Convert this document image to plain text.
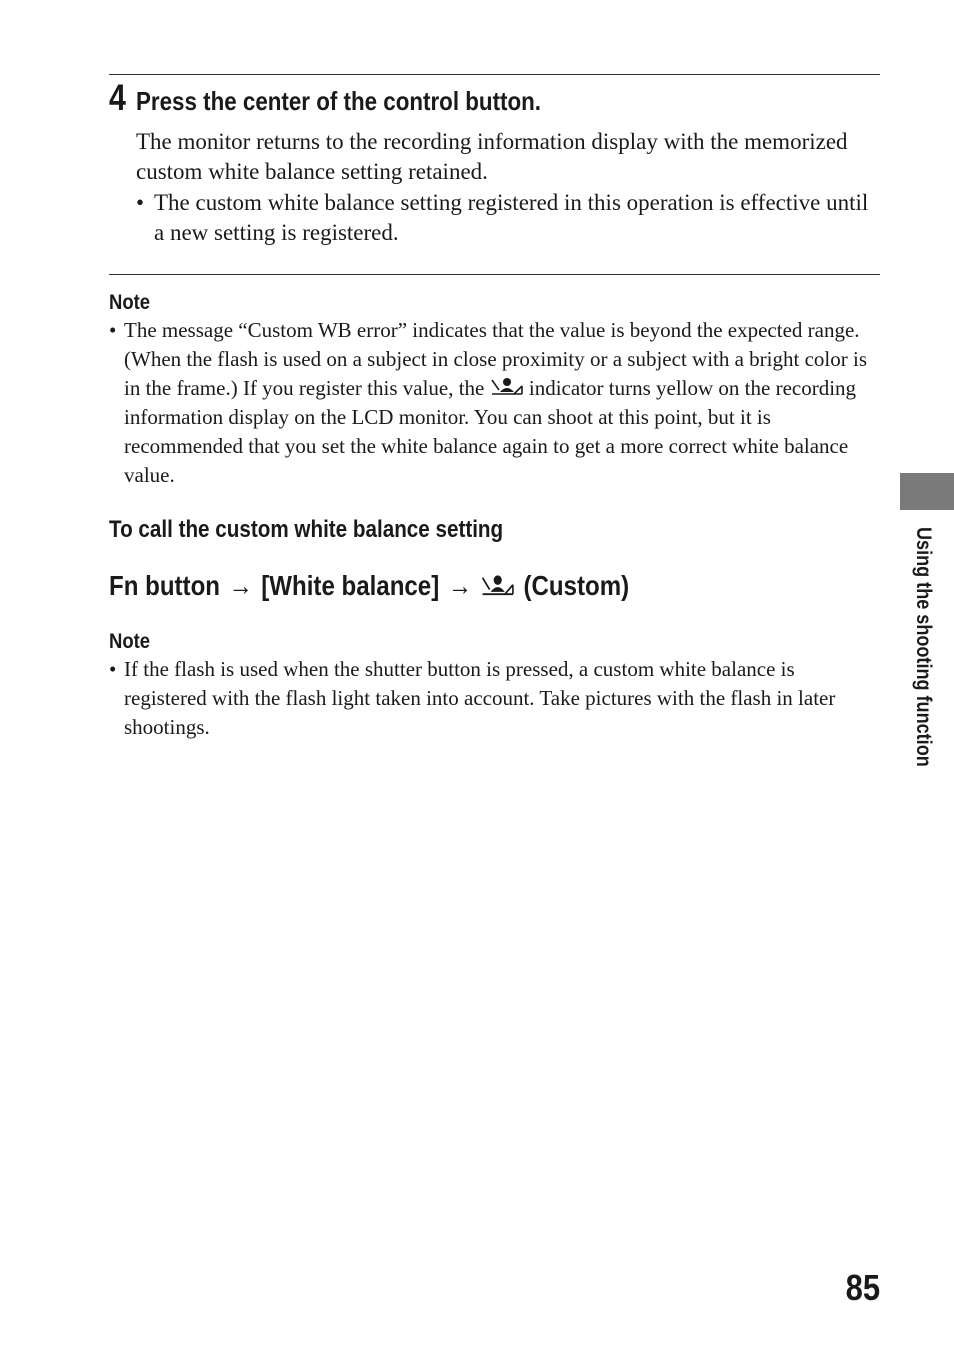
4 Press the center of the control button.
The monitor returns to the recording information display with the memorized custom white balance setting retained.
• The custom white balance setting registered in this operation is effective until a new setting is registered.
Note
• The message “Custom WB error” indicates that the value is beyond the expected range. (When the flash is used on a subject in close proximity or a subject with a bright color is in the frame.) If you register this value, the indicator turns yellow on the recording information display on the LCD monitor. You can shoot at this point, but it is recommended that you set the white balance again to get a more correct white balance value.
To call the custom white balance setting
Fn button → [White balance] → (Custom)
Note
• If the flash is used when the shutter button is pressed, a custom white balance is registered with the flash light taken into account. Take pictures with the flash in later shootings.	Using the shooting function
85
